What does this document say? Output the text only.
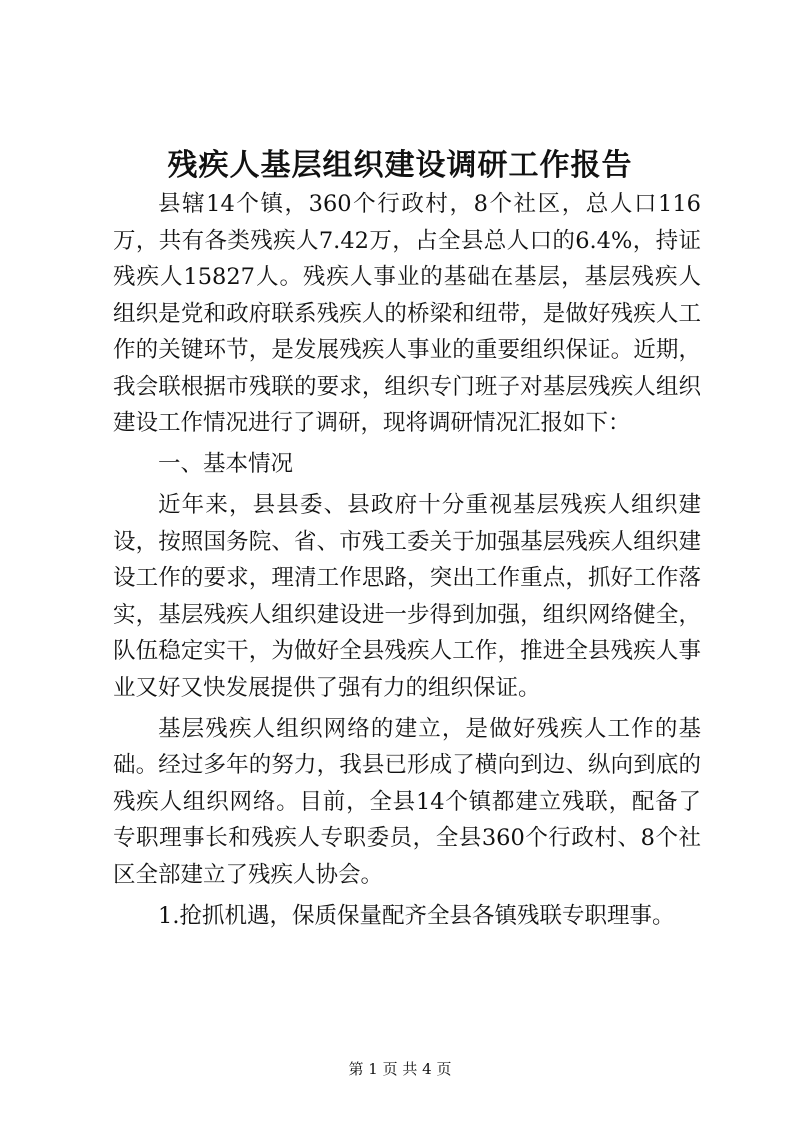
残疾人基层组织建设调研工作报告

县辖14个镇，360个行政村，8个社区，总人口116万，共有各类残疾人7.42万，占全县总人口的6.4%，持证残疾人15827人。残疾人事业的基础在基层，基层残疾人组织是党和政府联系残疾人的桥梁和纽带，是做好残疾人工作的关键环节，是发展残疾人事业的重要组织保证。近期，我会联根据市残联的要求，组织专门班子对基层残疾人组织建设工作情况进行了调研，现将调研情况汇报如下：

一、基本情况

近年来，县县委、县政府十分重视基层残疾人组织建设，按照国务院、省、市残工委关于加强基层残疾人组织建设工作的要求，理清工作思路，突出工作重点，抓好工作落实，基层残疾人组织建设进一步得到加强，组织网络健全，队伍稳定实干，为做好全县残疾人工作，推进全县残疾人事业又好又快发展提供了强有力的组织保证。

基层残疾人组织网络的建立，是做好残疾人工作的基础。经过多年的努力，我县已形成了横向到边、纵向到底的残疾人组织网络。目前，全县14个镇都建立残联，配备了专职理事长和残疾人专职委员，全县360个行政村、8个社区全部建立了残疾人协会。

1.抢抓机遇，保质保量配齐全县各镇残联专职理事。

第 1 页 共 4 页
